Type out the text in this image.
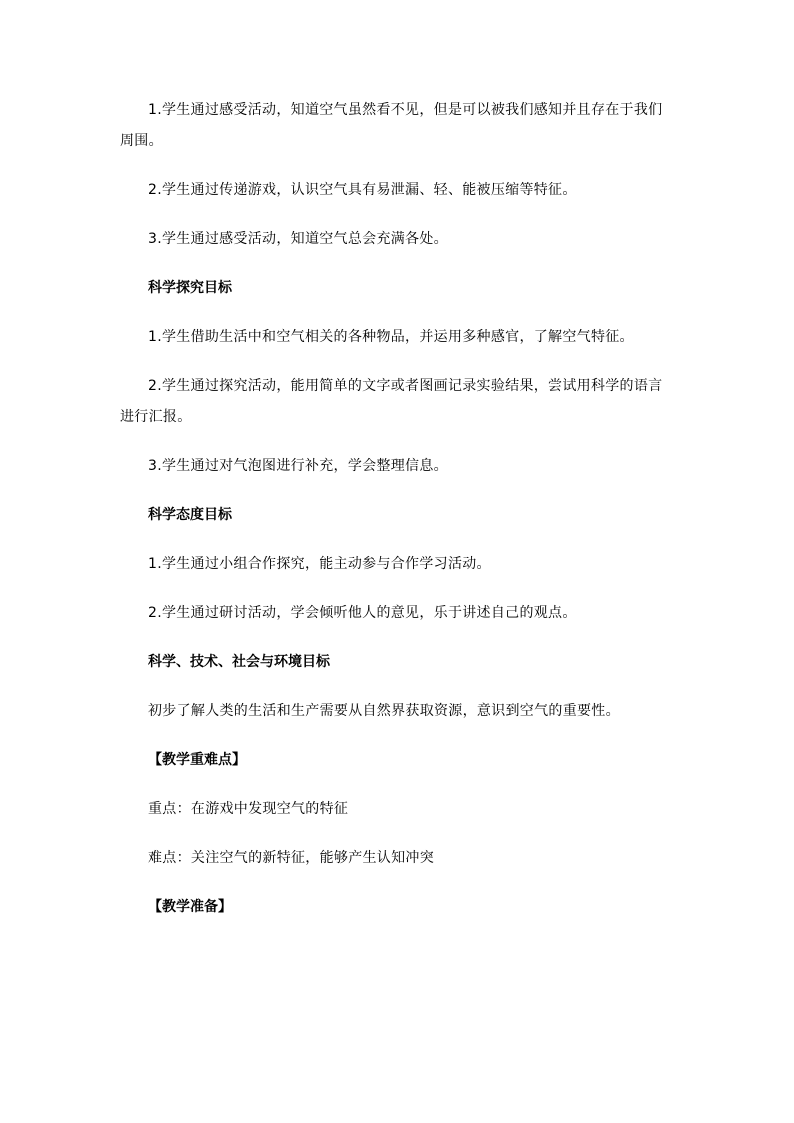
1.学生通过感受活动，知道空气虽然看不见，但是可以被我们感知并且存在于我们周围。

2.学生通过传递游戏，认识空气具有易泄漏、轻、能被压缩等特征。

3.学生通过感受活动，知道空气总会充满各处。

科学探究目标

1.学生借助生活中和空气相关的各种物品，并运用多种感官，了解空气特征。

2.学生通过探究活动，能用简单的文字或者图画记录实验结果，尝试用科学的语言进行汇报。

3.学生通过对气泡图进行补充，学会整理信息。

科学态度目标

1.学生通过小组合作探究，能主动参与合作学习活动。

2.学生通过研讨活动，学会倾听他人的意见，乐于讲述自己的观点。

科学、技术、社会与环境目标

初步了解人类的生活和生产需要从自然界获取资源，意识到空气的重要性。

【教学重难点】

重点：在游戏中发现空气的特征

难点：关注空气的新特征，能够产生认知冲突

【教学准备】
